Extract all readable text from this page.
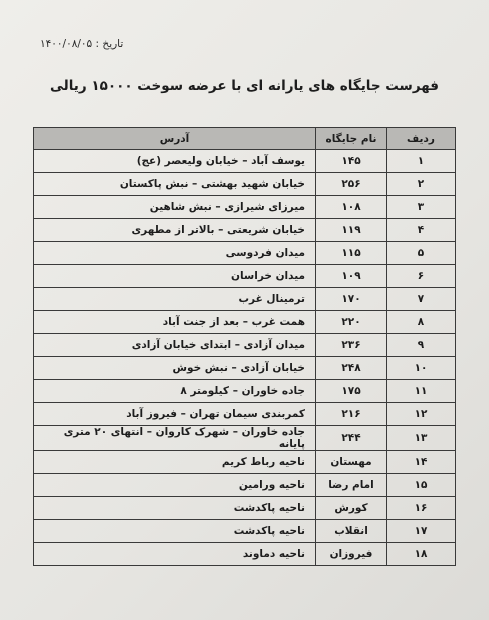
تاریخ : ۱۴۰۰/۰۸/۰۵
فهرست جایگاه های یارانه ای با عرضه سوخت ۱۵۰۰۰ ریالی
ردیف	نام جایگاه	آدرس
۱	۱۴۵	یوسف آباد – خیابان ولیعصر (عج)
۲	۲۵۶	خیابان شهید بهشتی – نبش پاکستان
۳	۱۰۸	میرزای شیرازی – نبش شاهین
۴	۱۱۹	خیابان شریعتی – بالاتر از مطهری
۵	۱۱۵	میدان فردوسی
۶	۱۰۹	میدان خراسان
۷	۱۷۰	ترمینال غرب
۸	۲۲۰	همت غرب – بعد از جنت آباد
۹	۲۳۶	میدان آزادی – ابتدای خیابان آزادی
۱۰	۲۴۸	خیابان آزادی – نبش خوش
۱۱	۱۷۵	جاده خاوران – کیلومتر ۸
۱۲	۲۱۶	کمربندی سیمان تهران – فیروز آباد
۱۳	۲۴۴	جاده خاوران – شهرک کاروان – انتهای ۲۰ متری پایانه
۱۴	مهستان	ناحیه رباط کریم
۱۵	امام رضا	ناحیه ورامین
۱۶	کورش	ناحیه پاکدشت
۱۷	انقلاب	ناحیه پاکدشت
۱۸	فیروزان	ناحیه دماوند
